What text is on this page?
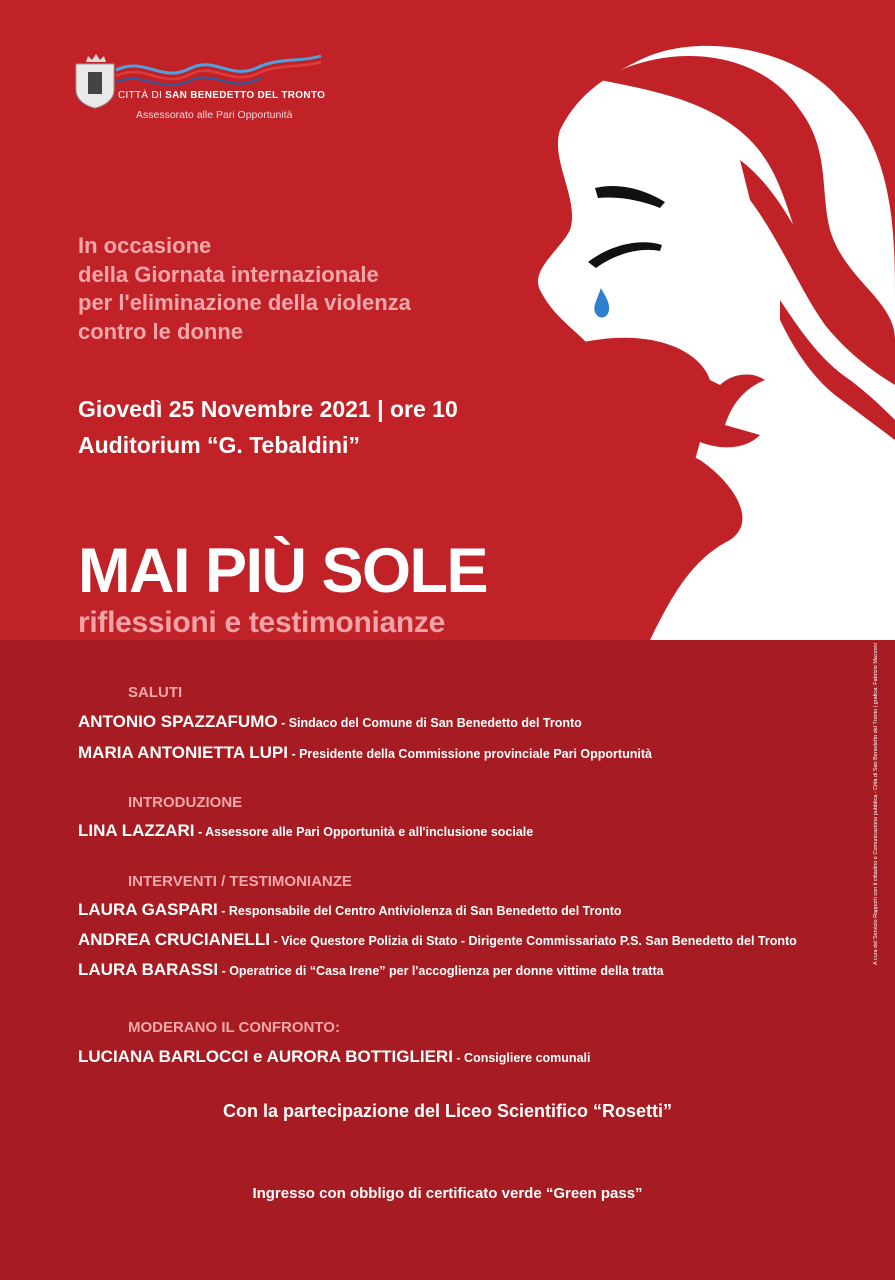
CITTÀ DI SAN BENEDETTO DEL TRONTO
Assessorato alle Pari Opportunità
In occasione
della Giornata internazionale
per l'eliminazione della violenza
contro le donne
Giovedì 25 Novembre 2021 | ore 10
Auditorium “G. Tebaldini”
MAI PIÙ SOLE
riflessioni e testimonianze
SALUTI
ANTONIO SPAZZAFUMO - Sindaco del Comune di San Benedetto del Tronto
MARIA ANTONIETTA LUPI - Presidente della Commissione provinciale Pari Opportunità
INTRODUZIONE
LINA LAZZARI - Assessore alle Pari Opportunità e all'inclusione sociale
INTERVENTI / TESTIMONIANZE
LAURA GASPARI - Responsabile del Centro Antiviolenza di San Benedetto del Tronto
ANDREA CRUCIANELLI - Vice Questore Polizia di Stato - Dirigente Commissariato P.S. San Benedetto del Tronto
LAURA BARASSI - Operatrice di “Casa Irene” per l'accoglienza per donne vittime della tratta
MODERANO IL CONFRONTO:
LUCIANA BARLOCCI e AURORA BOTTIGLIERI - Consigliere comunali
Con la partecipazione del Liceo Scientifico “Rosetti”
Ingresso con obbligo di certificato verde “Green pass”
A cura del Servizio Rapporti con il cittadino e Comunicazione pubblica - Città di San Benedetto del Tronto | grafica: Fabrizio Mazzoni
